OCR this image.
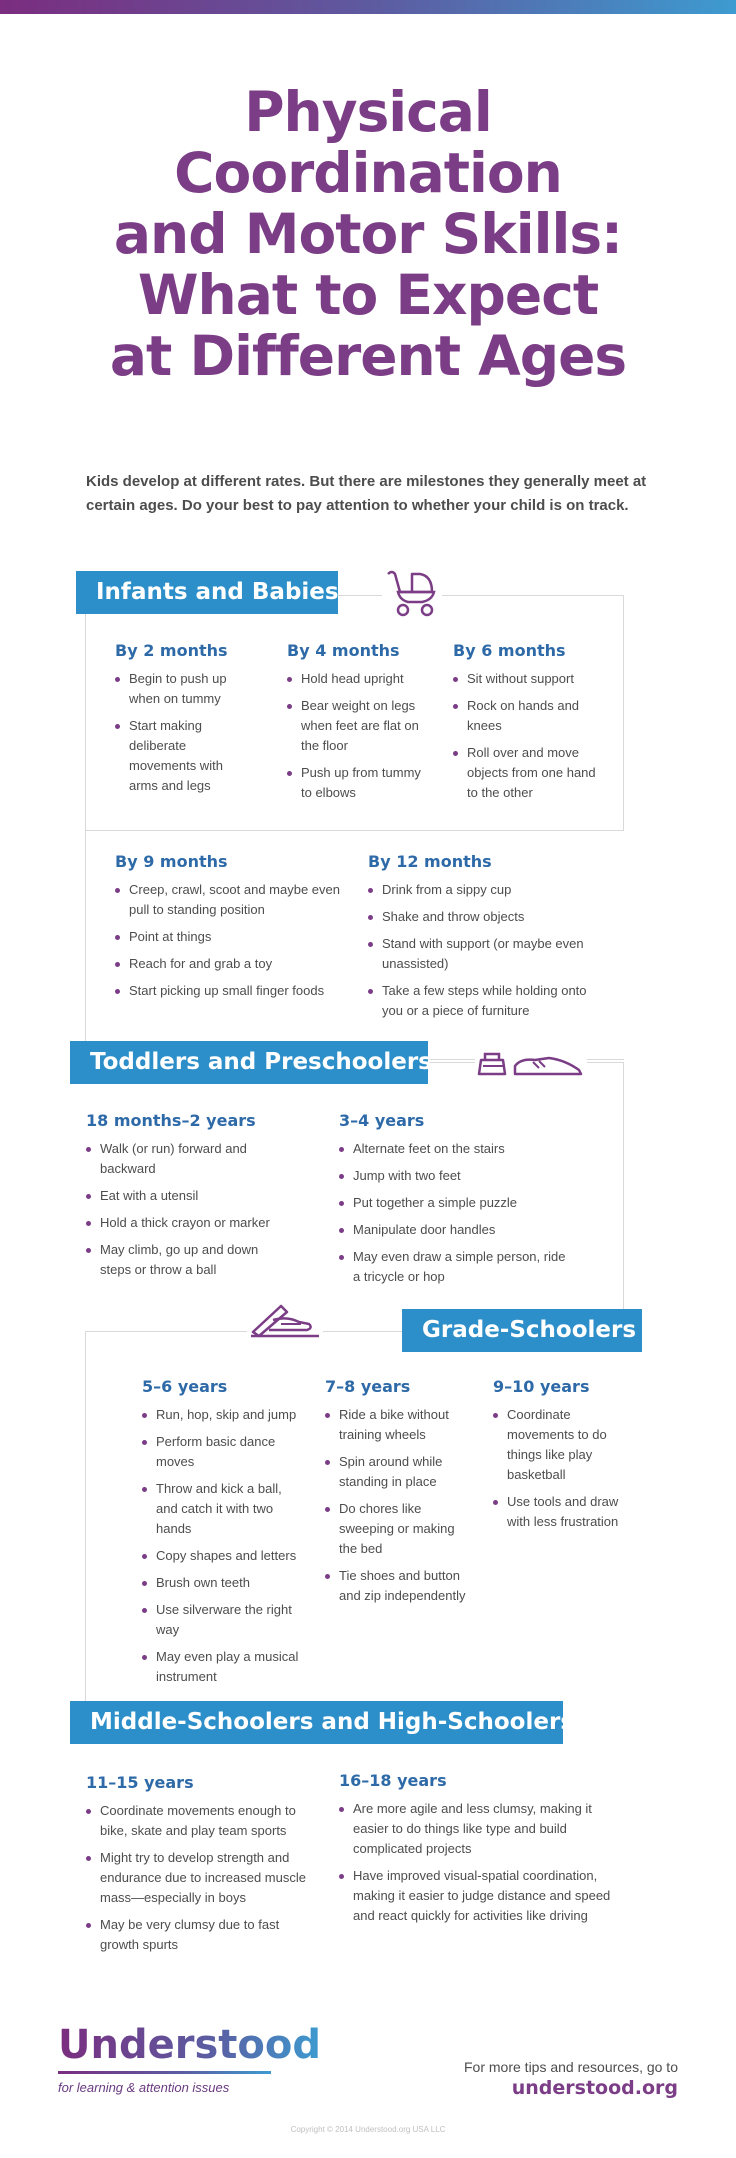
Physical
Coordination
and Motor Skills:
What to Expect
at Different Ages

Kids develop at different rates. But there are milestones they generally meet at certain ages. Do your best to pay attention to whether your child is on track.

Infants and Babies
By 2 months
Begin to push up when on tummy
Start making deliberate movements with arms and legs
By 4 months
Hold head upright
Bear weight on legs when feet are flat on the floor
Push up from tummy to elbows
By 6 months
Sit without support
Rock on hands and knees
Roll over and move objects from one hand to the other
By 9 months
Creep, crawl, scoot and maybe even pull to standing position
Point at things
Reach for and grab a toy
Start picking up small finger foods
By 12 months
Drink from a sippy cup
Shake and throw objects
Stand with support (or maybe even unassisted)
Take a few steps while holding onto you or a piece of furniture
Toddlers and Preschoolers
18 months–2 years
Walk (or run) forward and backward
Eat with a utensil
Hold a thick crayon or marker
May climb, go up and down steps or throw a ball
3–4 years
Alternate feet on the stairs
Jump with two feet
Put together a simple puzzle
Manipulate door handles
May even draw a simple person, ride a tricycle or hop
Grade-Schoolers
5–6 years
Run, hop, skip and jump
Perform basic dance moves
Throw and kick a ball, and catch it with two hands
Copy shapes and letters
Brush own teeth
Use silverware the right way
May even play a musical instrument
7–8 years
Ride a bike without training wheels
Spin around while standing in place
Do chores like sweeping or making the bed
Tie shoes and button and zip independently
9–10 years
Coordinate movements to do things like play basketball
Use tools and draw with less frustration
Middle-Schoolers and High-Schoolers
11–15 years
Coordinate movements enough to bike, skate and play team sports
Might try to develop strength and endurance due to increased muscle mass—especially in boys
May be very clumsy due to fast growth spurts
16–18 years
Are more agile and less clumsy, making it easier to do things like type and build complicated projects
Have improved visual-spatial coordination, making it easier to judge distance and speed and react quickly for activities like driving
Understood
for learning & attention issues
For more tips and resources, go to
understood.org
Copyright © 2014 Understood.org USA LLC
